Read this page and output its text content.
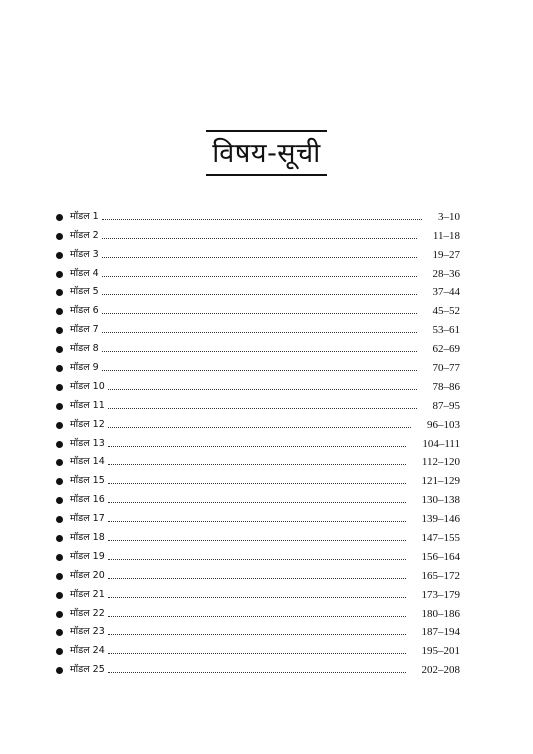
विषय-सूची
मॉडल 1	3–10
मॉडल 2	11–18
मॉडल 3	19–27
मॉडल 4	28–36
मॉडल 5	37–44
मॉडल 6	45–52
मॉडल 7	53–61
मॉडल 8	62–69
मॉडल 9	70–77
मॉडल 10	78–86
मॉडल 11	87–95
मॉडल 12	96–103
मॉडल 13	104–111
मॉडल 14	112–120
मॉडल 15	121–129
मॉडल 16	130–138
मॉडल 17	139–146
मॉडल 18	147–155
मॉडल 19	156–164
मॉडल 20	165–172
मॉडल 21	173–179
मॉडल 22	180–186
मॉडल 23	187–194
मॉडल 24	195–201
मॉडल 25	202–208
